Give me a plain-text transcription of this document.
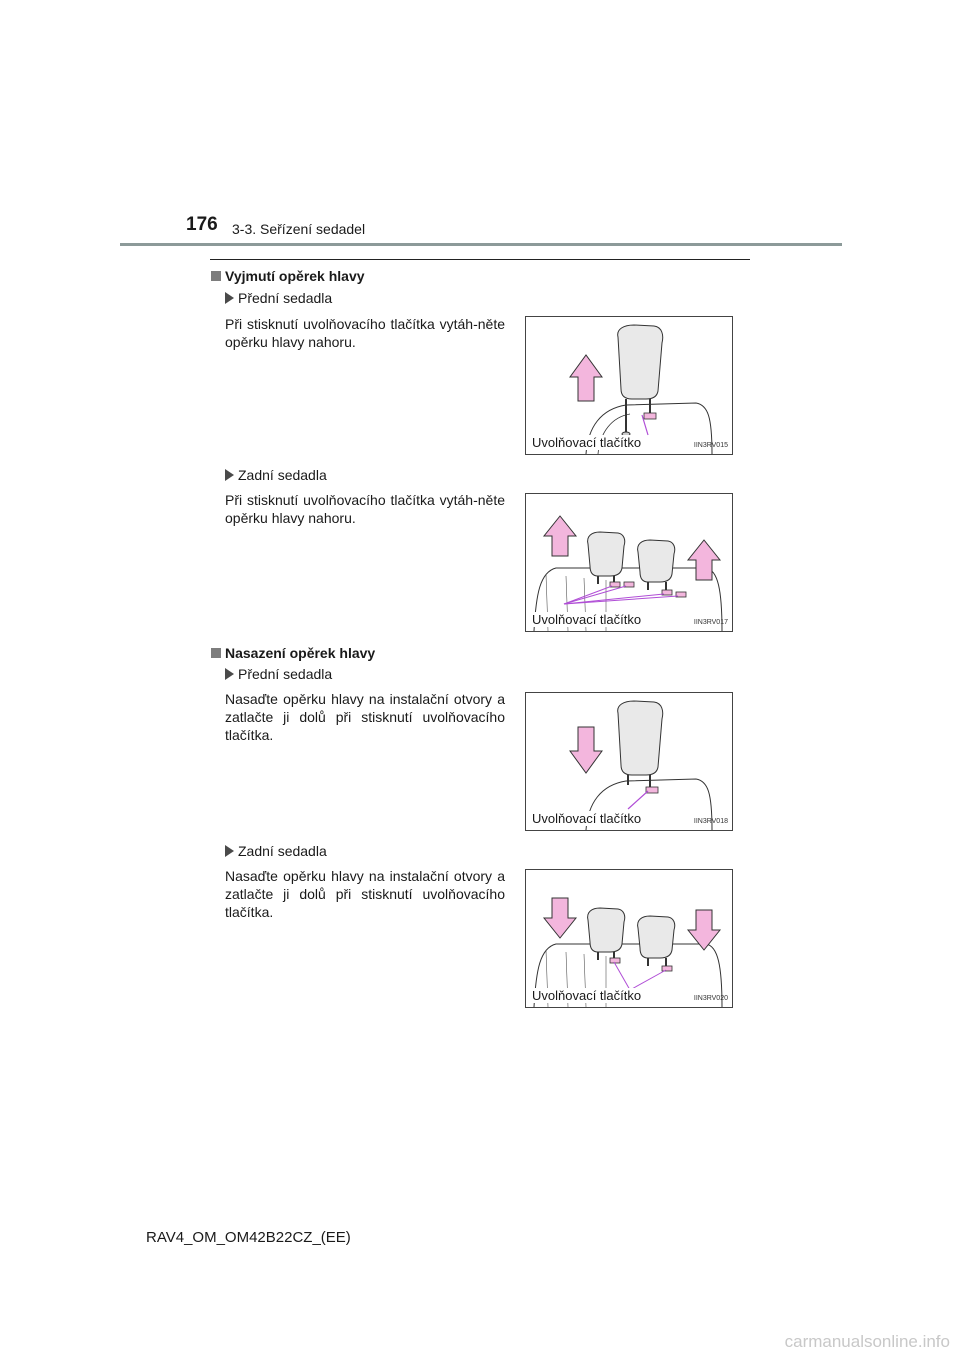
176 3-3. Seřízení sedadel
Vyjmutí opěrek hlavy
Přední sedadla
Při stisknutí uvolňovacího tlačítka vytáh-něte opěrku hlavy nahoru.
Uvolňovací tlačítko	IIN3RV015
Zadní sedadla
Při stisknutí uvolňovacího tlačítka vytáh-něte opěrku hlavy nahoru.
Uvolňovací tlačítko	IIN3RV017
Nasazení opěrek hlavy
Přední sedadla
Nasaďte opěrku hlavy na instalační otvory a zatlačte ji dolů při stisknutí uvolňovacího tlačítka.
Uvolňovací tlačítko	IIN3RV018
Zadní sedadla
Nasaďte opěrku hlavy na instalační otvory a zatlačte ji dolů při stisknutí uvolňovacího tlačítka.
Uvolňovací tlačítko	IIN3RV020
RAV4_OM_OM42B22CZ_(EE)
carmanualsonline.info
